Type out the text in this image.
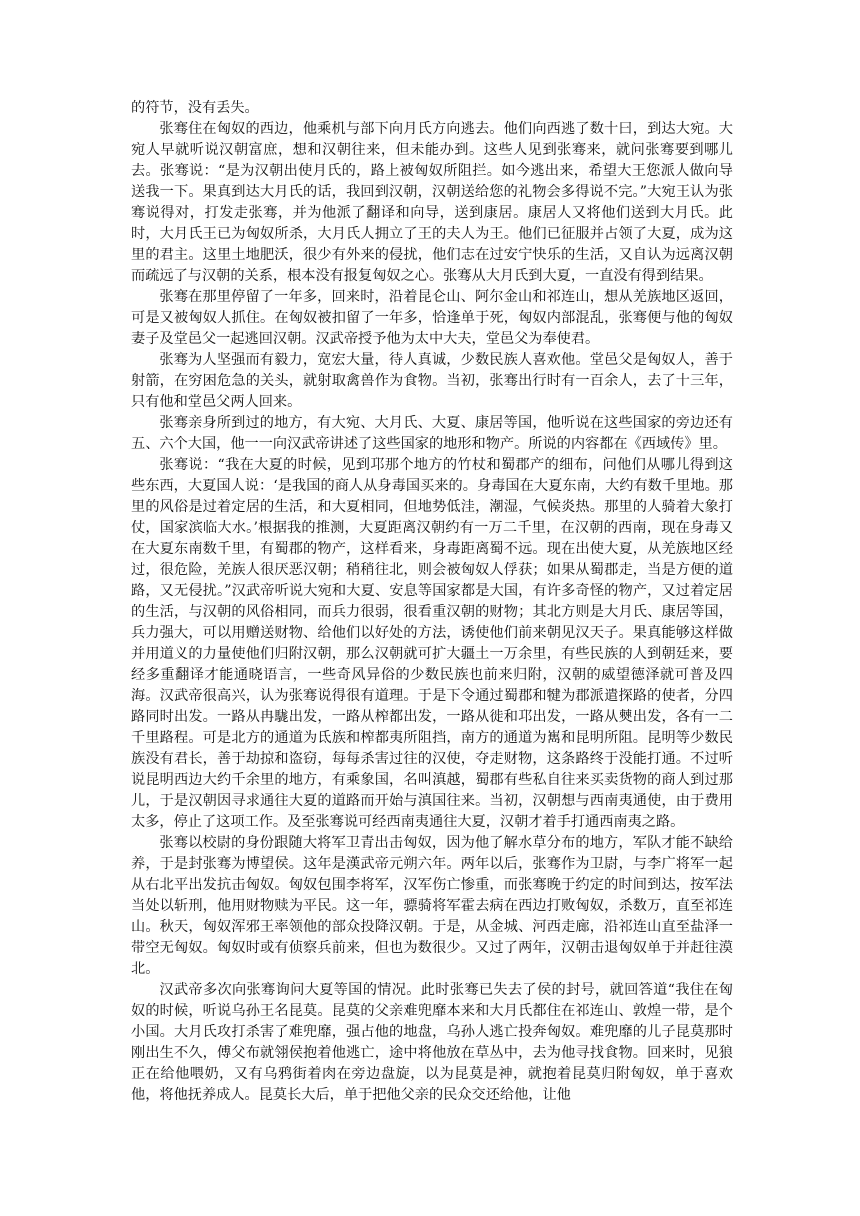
的符节，没有丢失。

张骞住在匈奴的西边，他乘机与部下向月氏方向逃去。他们向西逃了数十曰，到达大宛。大宛人早就听说汉朝富庶，想和汉朝往来，但未能办到。这些人见到张骞来，就问张骞要到哪儿去。张骞说：“是为汉朝出使月氏的，路上被匈奴所阻拦。如今逃出来，希望大王您派人做向导送我一下。果真到达大月氏的话，我回到汉朝，汉朝送给您的礼物会多得说不完。”大宛王认为张骞说得对，打发走张骞，并为他派了翻译和向导，送到康居。康居人又将他们送到大月氏。此时，大月氏王已为匈奴所杀，大月氏人拥立了王的夫人为王。他们已征服并占领了大夏，成为这里的君主。这里土地肥沃，很少有外来的侵扰，他们志在过安宁快乐的生活，又自认为远离汉朝而疏远了与汉朝的关系，根本没有报复匈奴之心。张骞从大月氏到大夏，一直没有得到结果。

张骞在那里停留了一年多，回来时，沿着昆仑山、阿尔金山和祁连山，想从羌族地区返回，可是又被匈奴人抓住。在匈奴被扣留了一年多，恰逢单于死，匈奴内部混乱，张骞便与他的匈奴妻子及堂邑父一起逃回汉朝。汉武帝授予他为太中大夫，堂邑父为奉使君。

张骞为人坚强而有毅力，宽宏大量，待人真诚，少数民族人喜欢他。堂邑父是匈奴人，善于射箭，在穷困危急的关头，就射取禽兽作为食物。当初，张骞出行时有一百余人，去了十三年，只有他和堂邑父两人回来。

张骞亲身所到过的地方，有大宛、大月氏、大夏、康居等国，他听说在这些国家的旁边还有五、六个大国，他一一向汉武帝讲述了这些国家的地形和物产。所说的内容都在《西域传》里。

张骞说：“我在大夏的时候，见到邛那个地方的竹杖和蜀郡产的细布，问他们从哪儿得到这些东西，大夏国人说：‘是我国的商人从身毒国买来的。身毒国在大夏东南，大约有数千里地。那里的风俗是过着定居的生活，和大夏相同，但地势低洼，潮湿，气候炎热。那里的人骑着大象打仗，国家滨临大水。’根据我的推测，大夏距离汉朝约有一万二千里，在汉朝的西南，现在身毒又在大夏东南数千里，有蜀郡的物产，这样看来，身毒距离蜀不远。现在出使大夏，从羌族地区经过，很危险，羌族人很厌恶汉朝；稍稍往北，则会被匈奴人俘获；如果从蜀郡走，当是方便的道路，又无侵扰。”汉武帝听说大宛和大夏、安息等国家都是大国，有许多奇怪的物产，又过着定居的生活，与汉朝的风俗相同，而兵力很弱，很看重汉朝的财物；其北方则是大月氏、康居等国，兵力强大，可以用赠送财物、给他们以好处的方法，诱使他们前来朝见汉天子。果真能够这样做并用道义的力量使他们归附汉朝，那么汉朝就可扩大疆土一万余里，有些民族的人到朝廷来，要经多重翻译才能通晓语言，一些奇风异俗的少数民族也前来归附，汉朝的威望德泽就可普及四海。汉武帝很高兴，认为张骞说得很有道理。于是下令通过蜀郡和犍为郡派遣探路的使者，分四路同时出发。一路从冉駹出发，一路从榨都出发，一路从徙和邛出发，一路从僰出发，各有一二千里路程。可是北方的通道为氐族和榨都夷所阻挡，南方的通道为嶲和昆明所阻。昆明等少数民族没有君长，善于劫掠和盗窃，每每杀害过往的汉使，夺走财物，这条路终于没能打通。不过听说昆明西边大约千余里的地方，有乘象国，名叫滇越，蜀郡有些私自往来买卖货物的商人到过那儿，于是汉朝因寻求通往大夏的道路而开始与滇国往来。当初，汉朝想与西南夷通使，由于费用太多，停止了这项工作。及至张骞说可经西南夷通往大夏，汉朝才着手打通西南夷之路。

张骞以校尉的身份跟随大将军卫青出击匈奴，因为他了解水草分布的地方，军队才能不缺给养，于是封张骞为博望侯。这年是漢武帝元朔六年。两年以后，张骞作为卫尉，与李广将军一起从右北平出发抗击匈奴。匈奴包围李将军，汉军伤亡惨重，而张骞晚于约定的时间到达，按军法当处以斩刑，他用财物赎为平民。这一年，骠骑将军霍去病在西边打败匈奴，杀数万，直至祁连山。秋天，匈奴浑邪王率领他的部众投降汉朝。于是，从金城、河西走廊，沿祁连山直至盐泽一带空无匈奴。匈奴时或有侦察兵前来，但也为数很少。又过了两年，汉朝击退匈奴单于并赶往漠北。

汉武帝多次向张骞询问大夏等国的情况。此时张骞已失去了侯的封号，就回答道“我住在匈奴的时候，听说乌孙王名昆莫。昆莫的父亲难兜靡本来和大月氏都住在祁连山、敦煌一带，是个小国。大月氏攻打杀害了难兜靡，强占他的地盘，乌孙人逃亡投奔匈奴。难兜靡的儿子昆莫那时刚出生不久，傅父布就翎侯抱着他逃亡，途中将他放在草丛中，去为他寻找食物。回来时，见狼正在给他喂奶，又有乌鸦街着肉在旁边盘旋，以为昆莫是神，就抱着昆莫归附匈奴，单于喜欢他，将他抚养成人。昆莫长大后，单于把他父亲的民众交还给他，让他
